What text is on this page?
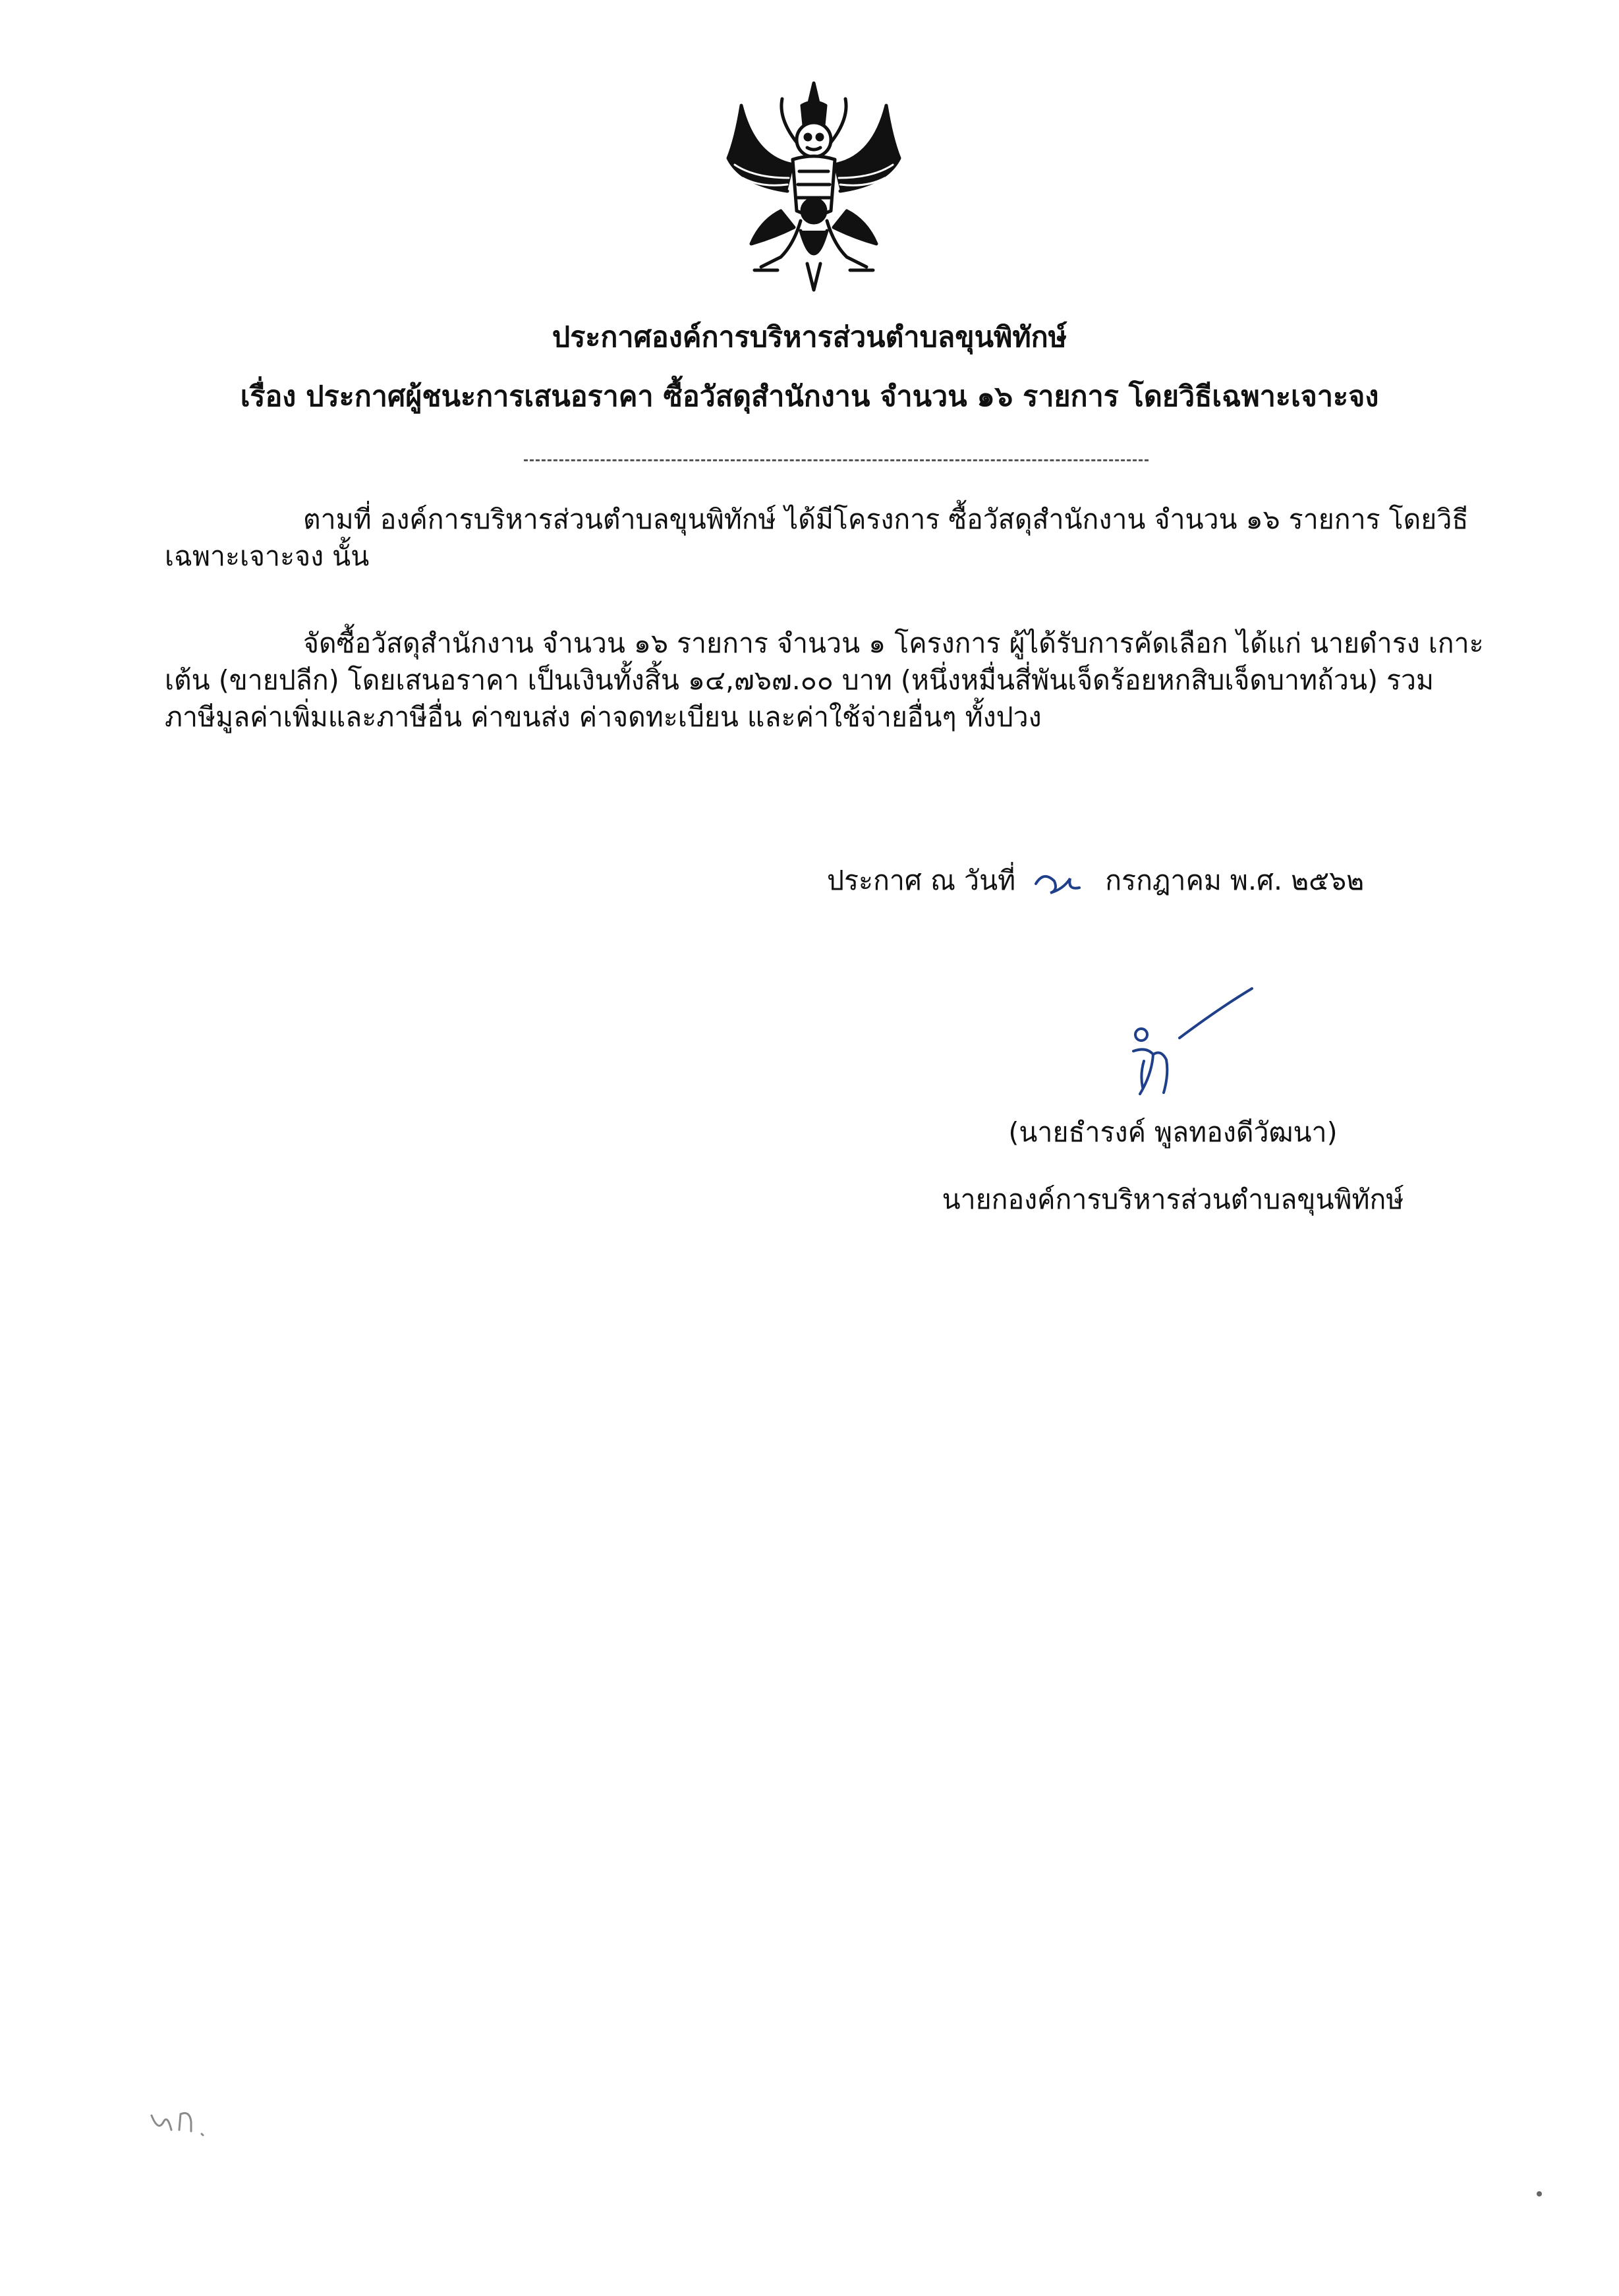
ประกาศองค์การบริหารส่วนตำบลขุนพิทักษ์
เรื่อง ประกาศผู้ชนะการเสนอราคา ซื้อวัสดุสำนักงาน จำนวน ๑๖ รายการ โดยวิธีเฉพาะเจาะจง
ตามที่ องค์การบริหารส่วนตำบลขุนพิทักษ์ ได้มีโครงการ ซื้อวัสดุสำนักงาน จำนวน ๑๖ รายการ โดยวิธี
เฉพาะเจาะจง นั้น
จัดซื้อวัสดุสำนักงาน จำนวน ๑๖ รายการ จำนวน ๑ โครงการ ผู้ได้รับการคัดเลือก ได้แก่ นายดำรง เกาะ
เต้น (ขายปลีก) โดยเสนอราคา เป็นเงินทั้งสิ้น ๑๔,๗๖๗.๐๐ บาท (หนึ่งหมื่นสี่พันเจ็ดร้อยหกสิบเจ็ดบาทถ้วน) รวม
ภาษีมูลค่าเพิ่มและภาษีอื่น ค่าขนส่ง ค่าจดทะเบียน และค่าใช้จ่ายอื่นๆ ทั้งปวง
ประกาศ ณ วันที่	กรกฎาคม พ.ศ. ๒๕๖๒
(นายธำรงค์ พูลทองดีวัฒนา)
นายกองค์การบริหารส่วนตำบลขุนพิทักษ์
